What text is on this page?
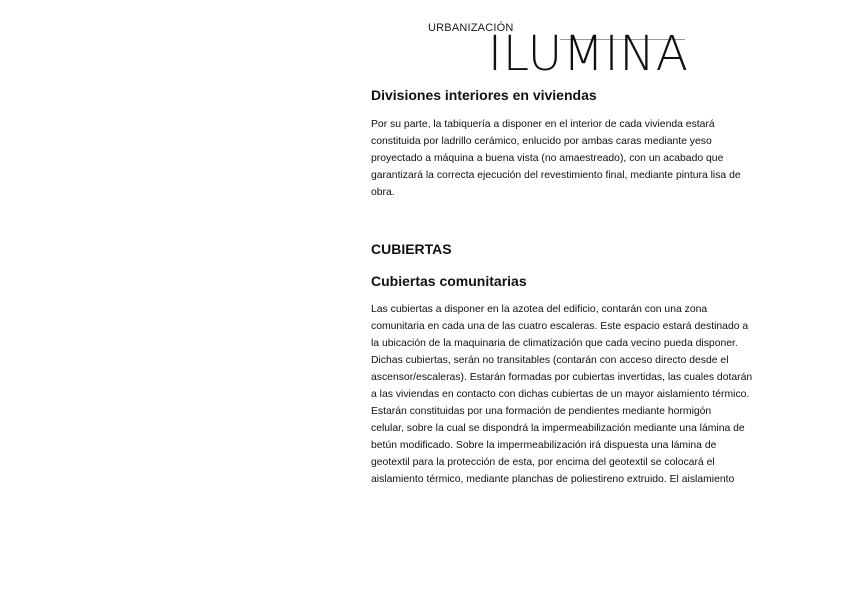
URBANIZACIÓN
ILUMINA
Divisiones interiores en viviendas

Por su parte, la tabiquería a disponer en el interior de cada vivienda estará

constituida por ladrillo cerámico, enlucido por ambas caras mediante yeso

proyectado a máquina a buena vista (no amaestreado), con un acabado que

garantizará la correcta ejecución del revestimiento final, mediante pintura lisa de

obra.

CUBIERTAS
Cubiertas comunitarias

Las cubiertas a disponer en la azotea del edificio, contarán con una zona

comunitaria en cada una de las cuatro escaleras. Este espacio estará destinado a

la ubicación de la maquinaria de climatización que cada vecino pueda disponer.

Dichas cubiertas, serán no transitables (contarán con acceso directo desde el

ascensor/escaleras). Estarán formadas por cubiertas invertidas, las cuales dotarán

a las viviendas en contacto con dichas cubiertas de un mayor aislamiento térmico.

Estarán constituidas por una formación de pendientes mediante hormigón

celular, sobre la cual se dispondrá la impermeabilización mediante una lámina de

betún modificado. Sobre la impermeabilización irá dispuesta una lámina de

geotextil para la protección de esta, por encima del geotextil se colocará el

aislamiento térmico, mediante planchas de poliestireno extruido. El aislamiento
